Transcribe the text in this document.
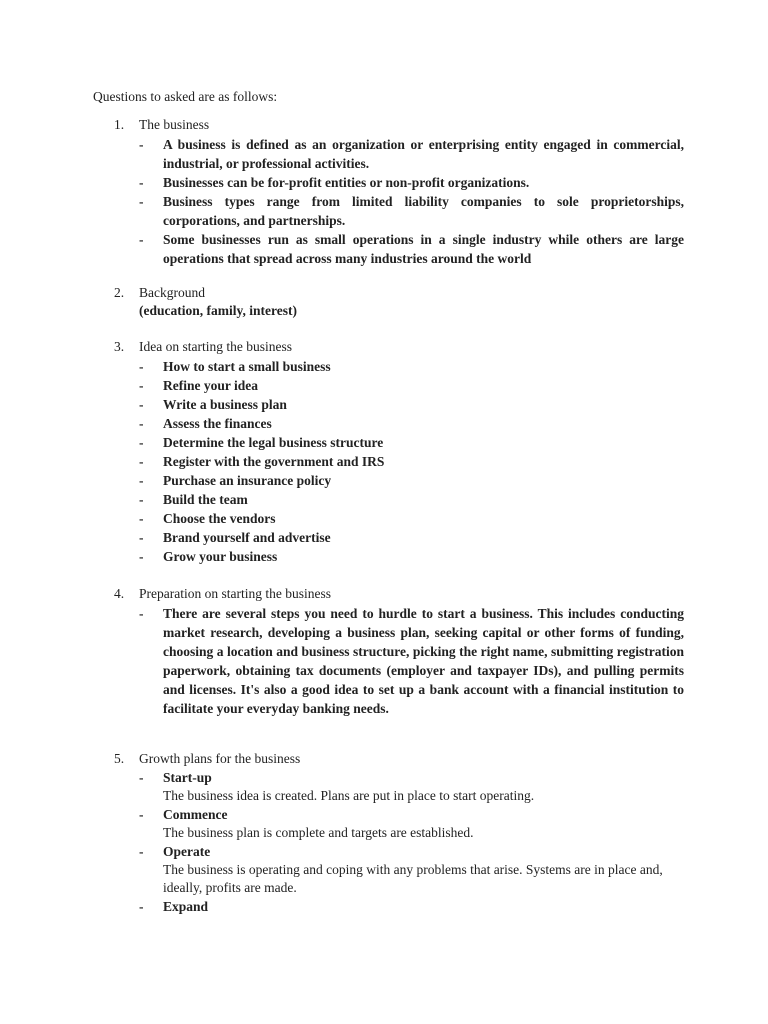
Questions to asked are as follows:
1. The business
- A business is defined as an organization or enterprising entity engaged in commercial, industrial, or professional activities.
- Businesses can be for-profit entities or non-profit organizations.
- Business types range from limited liability companies to sole proprietorships, corporations, and partnerships.
- Some businesses run as small operations in a single industry while others are large operations that spread across many industries around the world
2. Background
(education, family, interest)
3. Idea on starting the business
- How to start a small business
- Refine your idea
- Write a business plan
- Assess the finances
- Determine the legal business structure
- Register with the government and IRS
- Purchase an insurance policy
- Build the team
- Choose the vendors
- Brand yourself and advertise
- Grow your business
4. Preparation on starting the business
- There are several steps you need to hurdle to start a business. This includes conducting market research, developing a business plan, seeking capital or other forms of funding, choosing a location and business structure, picking the right name, submitting registration paperwork, obtaining tax documents (employer and taxpayer IDs), and pulling permits and licenses. It's also a good idea to set up a bank account with a financial institution to facilitate your everyday banking needs.
5. Growth plans for the business
- Start-up
The business idea is created. Plans are put in place to start operating.
- Commence
The business plan is complete and targets are established.
- Operate
The business is operating and coping with any problems that arise. Systems are in place and, ideally, profits are made.
- Expand
